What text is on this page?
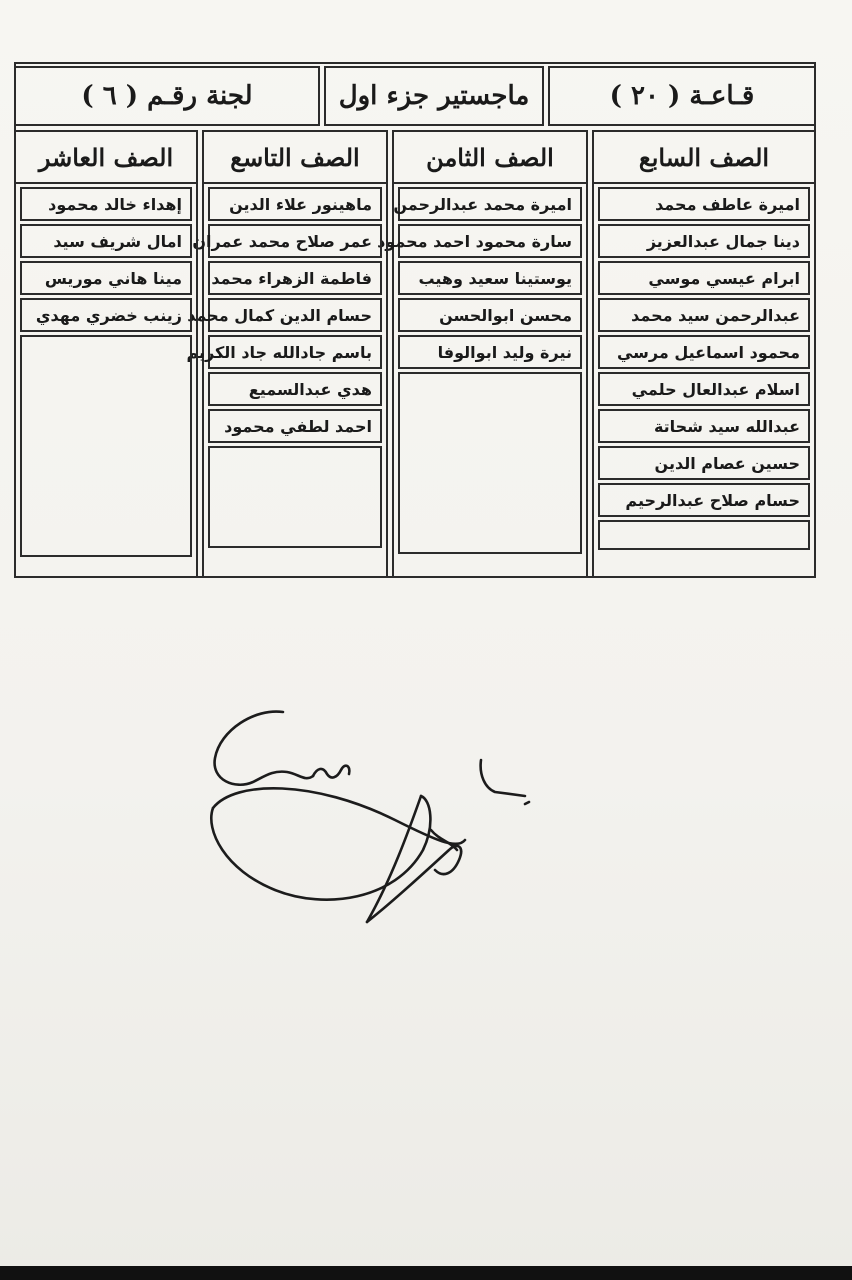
قـاعـة ( ٢٠ )
ماجستير جزء اول
لجنة رقـم ( ٦ )
الصف السابع
اميرة عاطف محمد
دينا جمال عبدالعزيز
ابرام عيسي موسي
عبدالرحمن سيد محمد
محمود اسماعيل مرسي
اسلام عبدالعال حلمي
عبدالله سيد شحاتة
حسين عصام الدين
حسام صلاح عبدالرحيم
الصف الثامن
اميرة محمد عبدالرحمن
سارة محمود احمد محمود
يوستينا سعيد وهيب
محسن ابوالحسن
نيرة وليد ابوالوفا
الصف التاسع
ماهينور علاء الدين
عمر صلاح محمد عمران
فاطمة الزهراء محمد
حسام الدين كمال محمد
باسم جادالله جاد الكريم
هدي عبدالسميع
احمد لطفي محمود
الصف العاشر
إهداء خالد محمود
امال شريف سيد
مينا هاني موريس
زينب خضري مهدي
